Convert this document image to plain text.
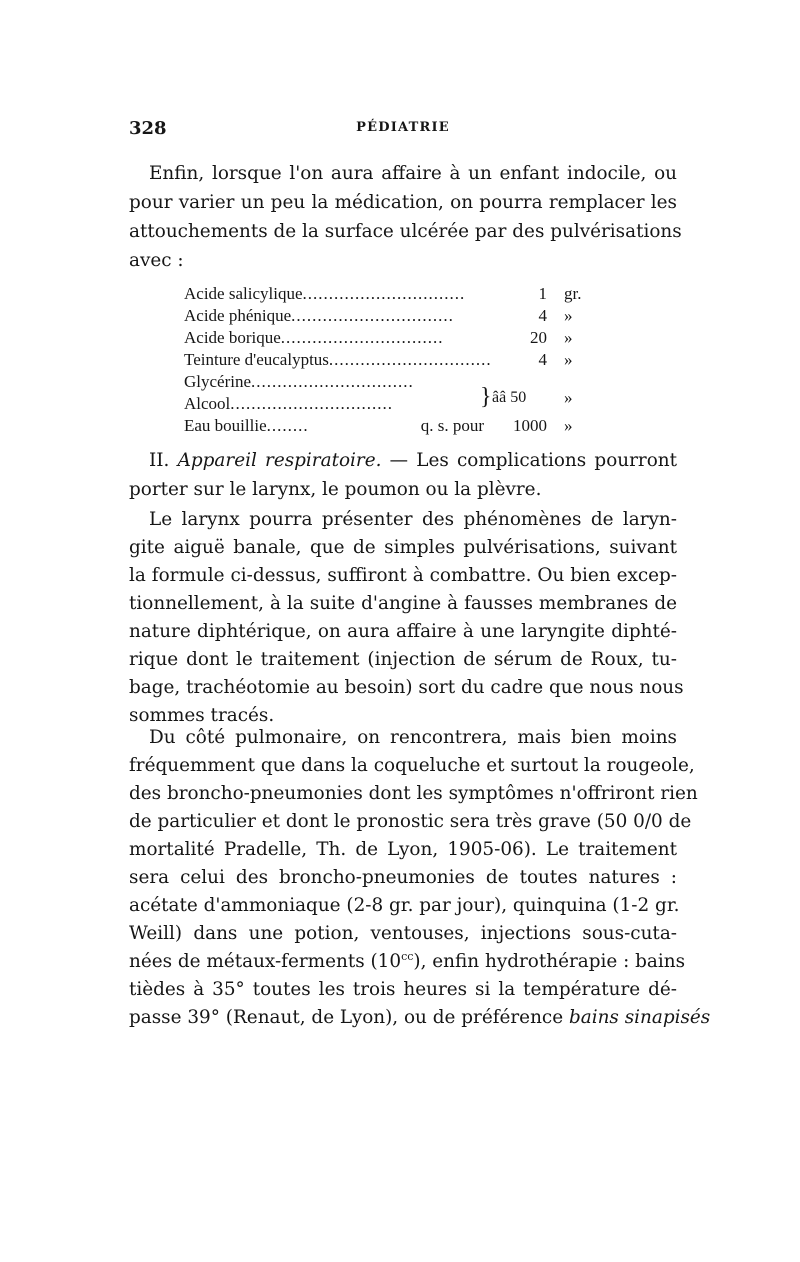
328	PÉDIATRIE
Enfin, lorsque l'on aura affaire à un enfant indocile, ou
pour varier un peu la médication, on pourra remplacer les
attouchements de la surface ulcérée par des pulvérisations
avec :
Acide salicylique...............................	1 gr.
Acide phénique...............................	4 »
Acide borique...............................	20 »
Teinture d'eucalyptus...............................	4 »
Glycérine...............................
Alcool...............................	} ââ 50	»
Eau bouillie........	q. s. pour	1000 »
II. Appareil respiratoire. — Les complications pourront
porter sur le larynx, le poumon ou la plèvre.
Le larynx pourra présenter des phénomènes de laryn-
gite aiguë banale, que de simples pulvérisations, suivant
la formule ci-dessus, suffiront à combattre. Ou bien excep-
tionnellement, à la suite d'angine à fausses membranes de
nature diphtérique, on aura affaire à une laryngite diphté-
rique dont le traitement (injection de sérum de Roux, tu-
bage, trachéotomie au besoin) sort du cadre que nous nous
sommes tracés.
Du côté pulmonaire, on rencontrera, mais bien moins
fréquemment que dans la coqueluche et surtout la rougeole,
des broncho-pneumonies dont les symptômes n'offriront rien
de particulier et dont le pronostic sera très grave (50 0/0 de
mortalité Pradelle, Th. de Lyon, 1905-06). Le traitement
sera celui des broncho-pneumonies de toutes natures :
acétate d'ammoniaque (2-8 gr. par jour), quinquina (1-2 gr.
Weill) dans une potion, ventouses, injections sous-cuta-
nées de métaux-ferments $(10^{cc})$, enfin hydrothérapie : bains
tièdes à 35° toutes les trois heures si la température dé-
passe 39° (Renaut, de Lyon), ou de préférence bains sinapisés
